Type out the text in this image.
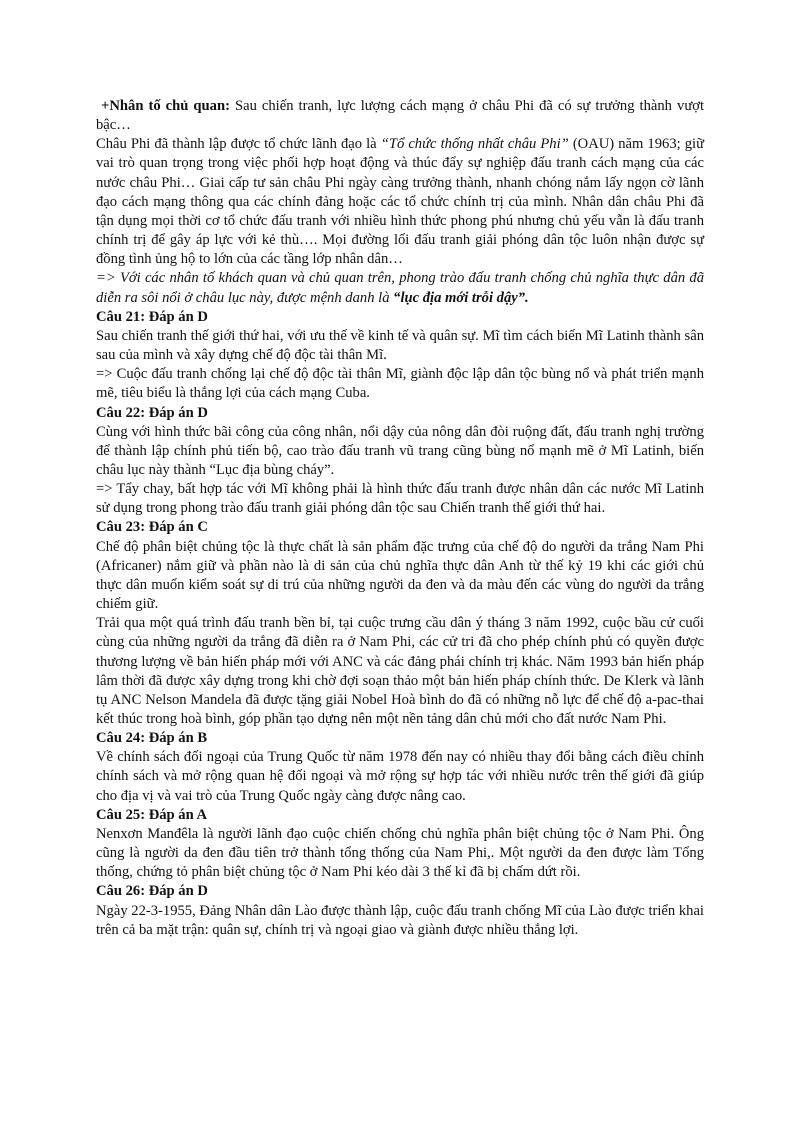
+Nhân tố chủ quan: Sau chiến tranh, lực lượng cách mạng ở châu Phi đã có sự trưởng thành vượt bậc…

Châu Phi đã thành lập được tổ chức lãnh đạo là “Tổ chức thống nhất châu Phi” (OAU) năm 1963; giữ vai trò quan trọng trong việc phối hợp hoạt động và thúc đẩy sự nghiệp đấu tranh cách mạng của các nước châu Phi… Giai cấp tư sản châu Phi ngày càng trưởng thành, nhanh chóng nắm lấy ngọn cờ lãnh đạo cách mạng thông qua các chính đảng hoặc các tổ chức chính trị của mình. Nhân dân châu Phi đã tận dụng mọi thời cơ tổ chức đấu tranh với nhiều hình thức phong phú nhưng chủ yếu vẫn là đấu tranh chính trị để gây áp lực với kẻ thù…. Mọi đường lối đấu tranh giải phóng dân tộc luôn nhận được sự đồng tình ủng hộ to lớn của các tầng lớp nhân dân…

=> Với các nhân tố khách quan và chủ quan trên, phong trào đấu tranh chống chủ nghĩa thực dân đã diễn ra sôi nổi ở châu lục này, được mệnh danh là “lục địa mới trỗi dậy”.

Câu 21: Đáp án D

Sau chiến tranh thế giới thứ hai, với ưu thế về kinh tế và quân sự. Mĩ tìm cách biến Mĩ Latinh thành sân sau của mình và xây dựng chế độ độc tài thân Mĩ.

=> Cuộc đấu tranh chống lại chế độ độc tài thân Mĩ, giành độc lập dân tộc bùng nổ và phát triển mạnh mẽ, tiêu biểu là thắng lợi của cách mạng Cuba.

Câu 22: Đáp án D

Cùng với hình thức bãi công của công nhân, nổi dậy của nông dân đòi ruộng đất, đấu tranh nghị trường để thành lập chính phủ tiến bộ, cao trào đấu tranh vũ trang cũng bùng nổ mạnh mẽ ở Mĩ Latinh, biến châu lục này thành “Lục địa bùng cháy”.

=> Tẩy chay, bất hợp tác với Mĩ không phải là hình thức đấu tranh được nhân dân các nước Mĩ Latinh sử dụng trong phong trào đấu tranh giải phóng dân tộc sau Chiến tranh thế giới thứ hai.

Câu 23: Đáp án C

Chế độ phân biệt chủng tộc là thực chất là sản phẩm đặc trưng của chế độ do người da trắng Nam Phi (Africaner) nắm giữ và phần nào là di sản của chủ nghĩa thực dân Anh từ thế kỷ 19 khi các giới chủ thực dân muốn kiểm soát sự di trú của những người da đen và da màu đến các vùng do người da trắng chiếm giữ.

Trải qua một quá trình đấu tranh bền bỉ, tại cuộc trưng cầu dân ý tháng 3 năm 1992, cuộc bầu cử cuối cùng của những người da trắng đã diễn ra ở Nam Phi, các cử tri đã cho phép chính phủ có quyền được thương lượng về bản hiến pháp mới với ANC và các đảng phái chính trị khác. Năm 1993 bản hiến pháp lâm thời đã được xây dựng trong khi chờ đợi soạn thảo một bản hiến pháp chính thức. De Klerk và lãnh tụ ANC Nelson Mandela đã được tặng giải Nobel Hoà bình do đã có những nỗ lực để chế độ a-pac-thai kết thúc trong hoà bình, góp phần tạo dựng nên một nền tảng dân chủ mới cho đất nước Nam Phi.

Câu 24: Đáp án B

Về chính sách đối ngoại của Trung Quốc từ năm 1978 đến nay có nhiều thay đổi bằng cách điều chỉnh chính sách và mở rộng quan hệ đối ngoại và mở rộng sự hợp tác với nhiều nước trên thế giới đã giúp cho địa vị và vai trò của Trung Quốc ngày càng được nâng cao.

Câu 25: Đáp án A

Nenxơn Manđêla là người lãnh đạo cuộc chiến chống chủ nghĩa phân biệt chủng tộc ở Nam Phi. Ông cũng là người da đen đầu tiên trở thành tổng thống của Nam Phi,. Một người da đen được làm Tổng thống, chứng tỏ phân biệt chủng tộc ở Nam Phi kéo dài 3 thế kỉ đã bị chấm dứt rồi.

Câu 26: Đáp án D

Ngày 22-3-1955, Đảng Nhân dân Lào được thành lập, cuộc đấu tranh chống Mĩ của Lào được triển khai trên cả ba mặt trận: quân sự, chính trị và ngoại giao và giành được nhiều thắng lợi.
